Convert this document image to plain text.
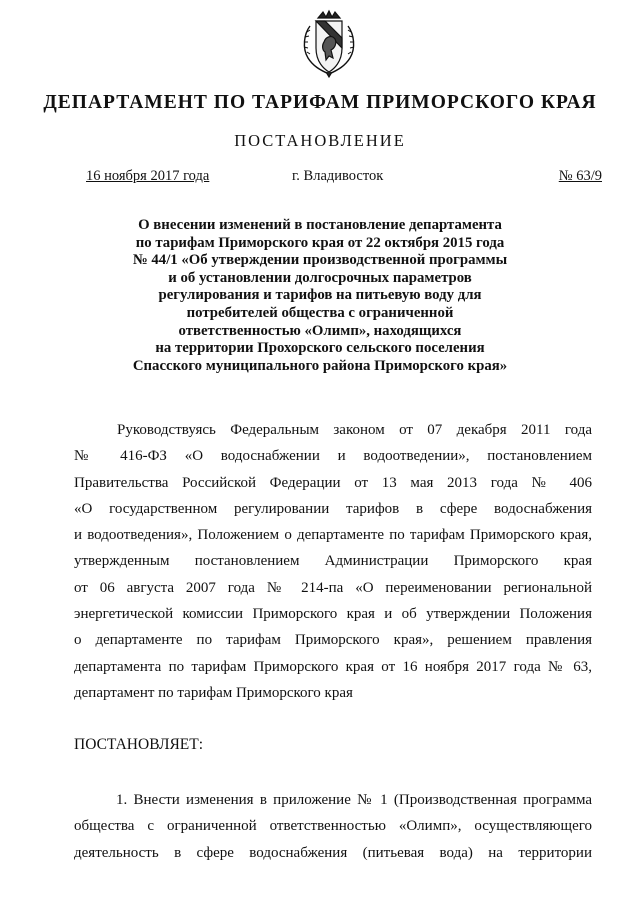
ДЕПАРТАМЕНТ ПО ТАРИФАМ ПРИМОРСКОГО КРАЯ
ПОСТАНОВЛЕНИЕ
16 ноября 2017 года	г. Владивосток	№ 63/9
О внесении изменений в постановление департамента
по тарифам Приморского края от 22 октября 2015 года
№ 44/1 «Об утверждении производственной программы
и об установлении долгосрочных параметров
регулирования и тарифов на питьевую воду для
потребителей общества с ограниченной
ответственностью «Олимп», находящихся
на территории Прохорского сельского поселения
Спасского муниципального района Приморского края»
Руководствуясь Федеральным законом от 07 декабря 2011 года
№ 416-ФЗ «О водоснабжении и водоотведении», постановлением
Правительства Российской Федерации от 13 мая 2013 года № 406
«О государственном регулировании тарифов в сфере водоснабжения
и водоотведения», Положением о департаменте по тарифам Приморского края,
утвержденным постановлением Администрации Приморского края
от 06 августа 2007 года № 214-па «О переименовании региональной
энергетической комиссии Приморского края и об утверждении Положения
о департаменте по тарифам Приморского края», решением правления
департамента по тарифам Приморского края от 16 ноября 2017 года № 63,
департамент по тарифам Приморского края
ПОСТАНОВЛЯЕТ:
1. Внести изменения в приложение № 1 (Производственная программа
общества с ограниченной ответственностью «Олимп», осуществляющего
деятельность в сфере водоснабжения (питьевая вода) на территории
